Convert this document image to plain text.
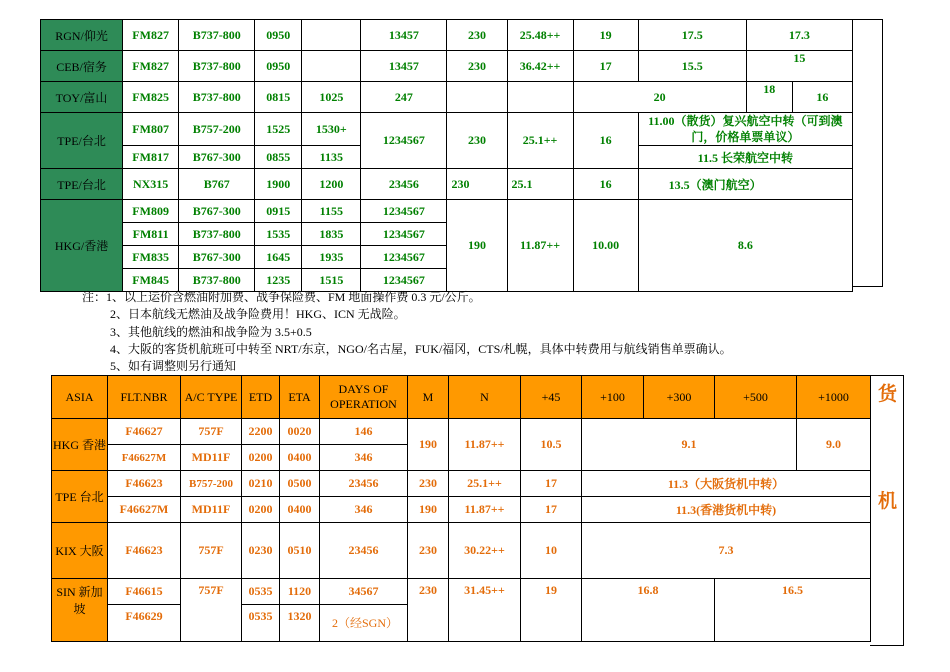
RGN/仰光	FM827	B737-800	0950		13457	230	25.48++	19	17.5	17.3	
CEB/宿务	FM827	B737-800	0950		13457	230	36.42++	17	15.5	15	
TOY/富山	FM825	B737-800	0815	1025	247			20		18	16
TPE/台北	FM807	B757-200	1525	1530+	1234567	230	25.1++	16	11.00（散货）复兴航空中转（可到澳门，价格单票单议）		
	FM817	B767-300	0855	1135					11.5 长荣航空中转		
TPE/台北	NX315	B767	1900	1200	23456	230	25.1	16	13.5（澳门航空）		
HKG/香港	FM809	B767-300	0915	1155	1234567	190	11.87++	10.00	8.6		
	FM811	B737-800	1535	1835	1234567						
	FM835	B767-300	1645	1935	1234567						
	FM845	B737-800	1235	1515	1234567						
注：1、以上运价含燃油附加费、战争保险费、FM 地面操作费 0.3 元/公斤。
2、日本航线无燃油及战争险费用！HKG、ICN 无战险。
3、其他航线的燃油和战争险为 3.5+0.5
4、大阪的客货机航班可中转至 NRT/东京，NGO/名古屋，FUK/福冈，CTS/札幌，具体中转费用与航线销售单票确认。
5、如有调整则另行通知
ASIA	FLT.NBR	A/C TYPE	ETD	ETA	DAYS OF OPERATION	M	N	+45	+100	+300	+500	+1000
HKG 香港	F46627	757F	2200	0020	146	190	11.87++	10.5	9.1			9.0
	F46627M	MD11F	0200	0400	346							
TPE 台北	F46623	B757-200	0210	0500	23456	230	25.1++	17	11.3（大阪货机中转）			
	F46627M	MD11F	0200	0400	346	190	11.87++	17	11.3(香港货机中转)			
KIX 大阪	F46623	757F	0230	0510	23456	230	30.22++	10	7.3			
SIN 新加坡	F46615	757F	0535	1120	34567	230	31.45++	19	16.8		16.5	
	F46629		0535	1320	2（经SGN）							
货
机
